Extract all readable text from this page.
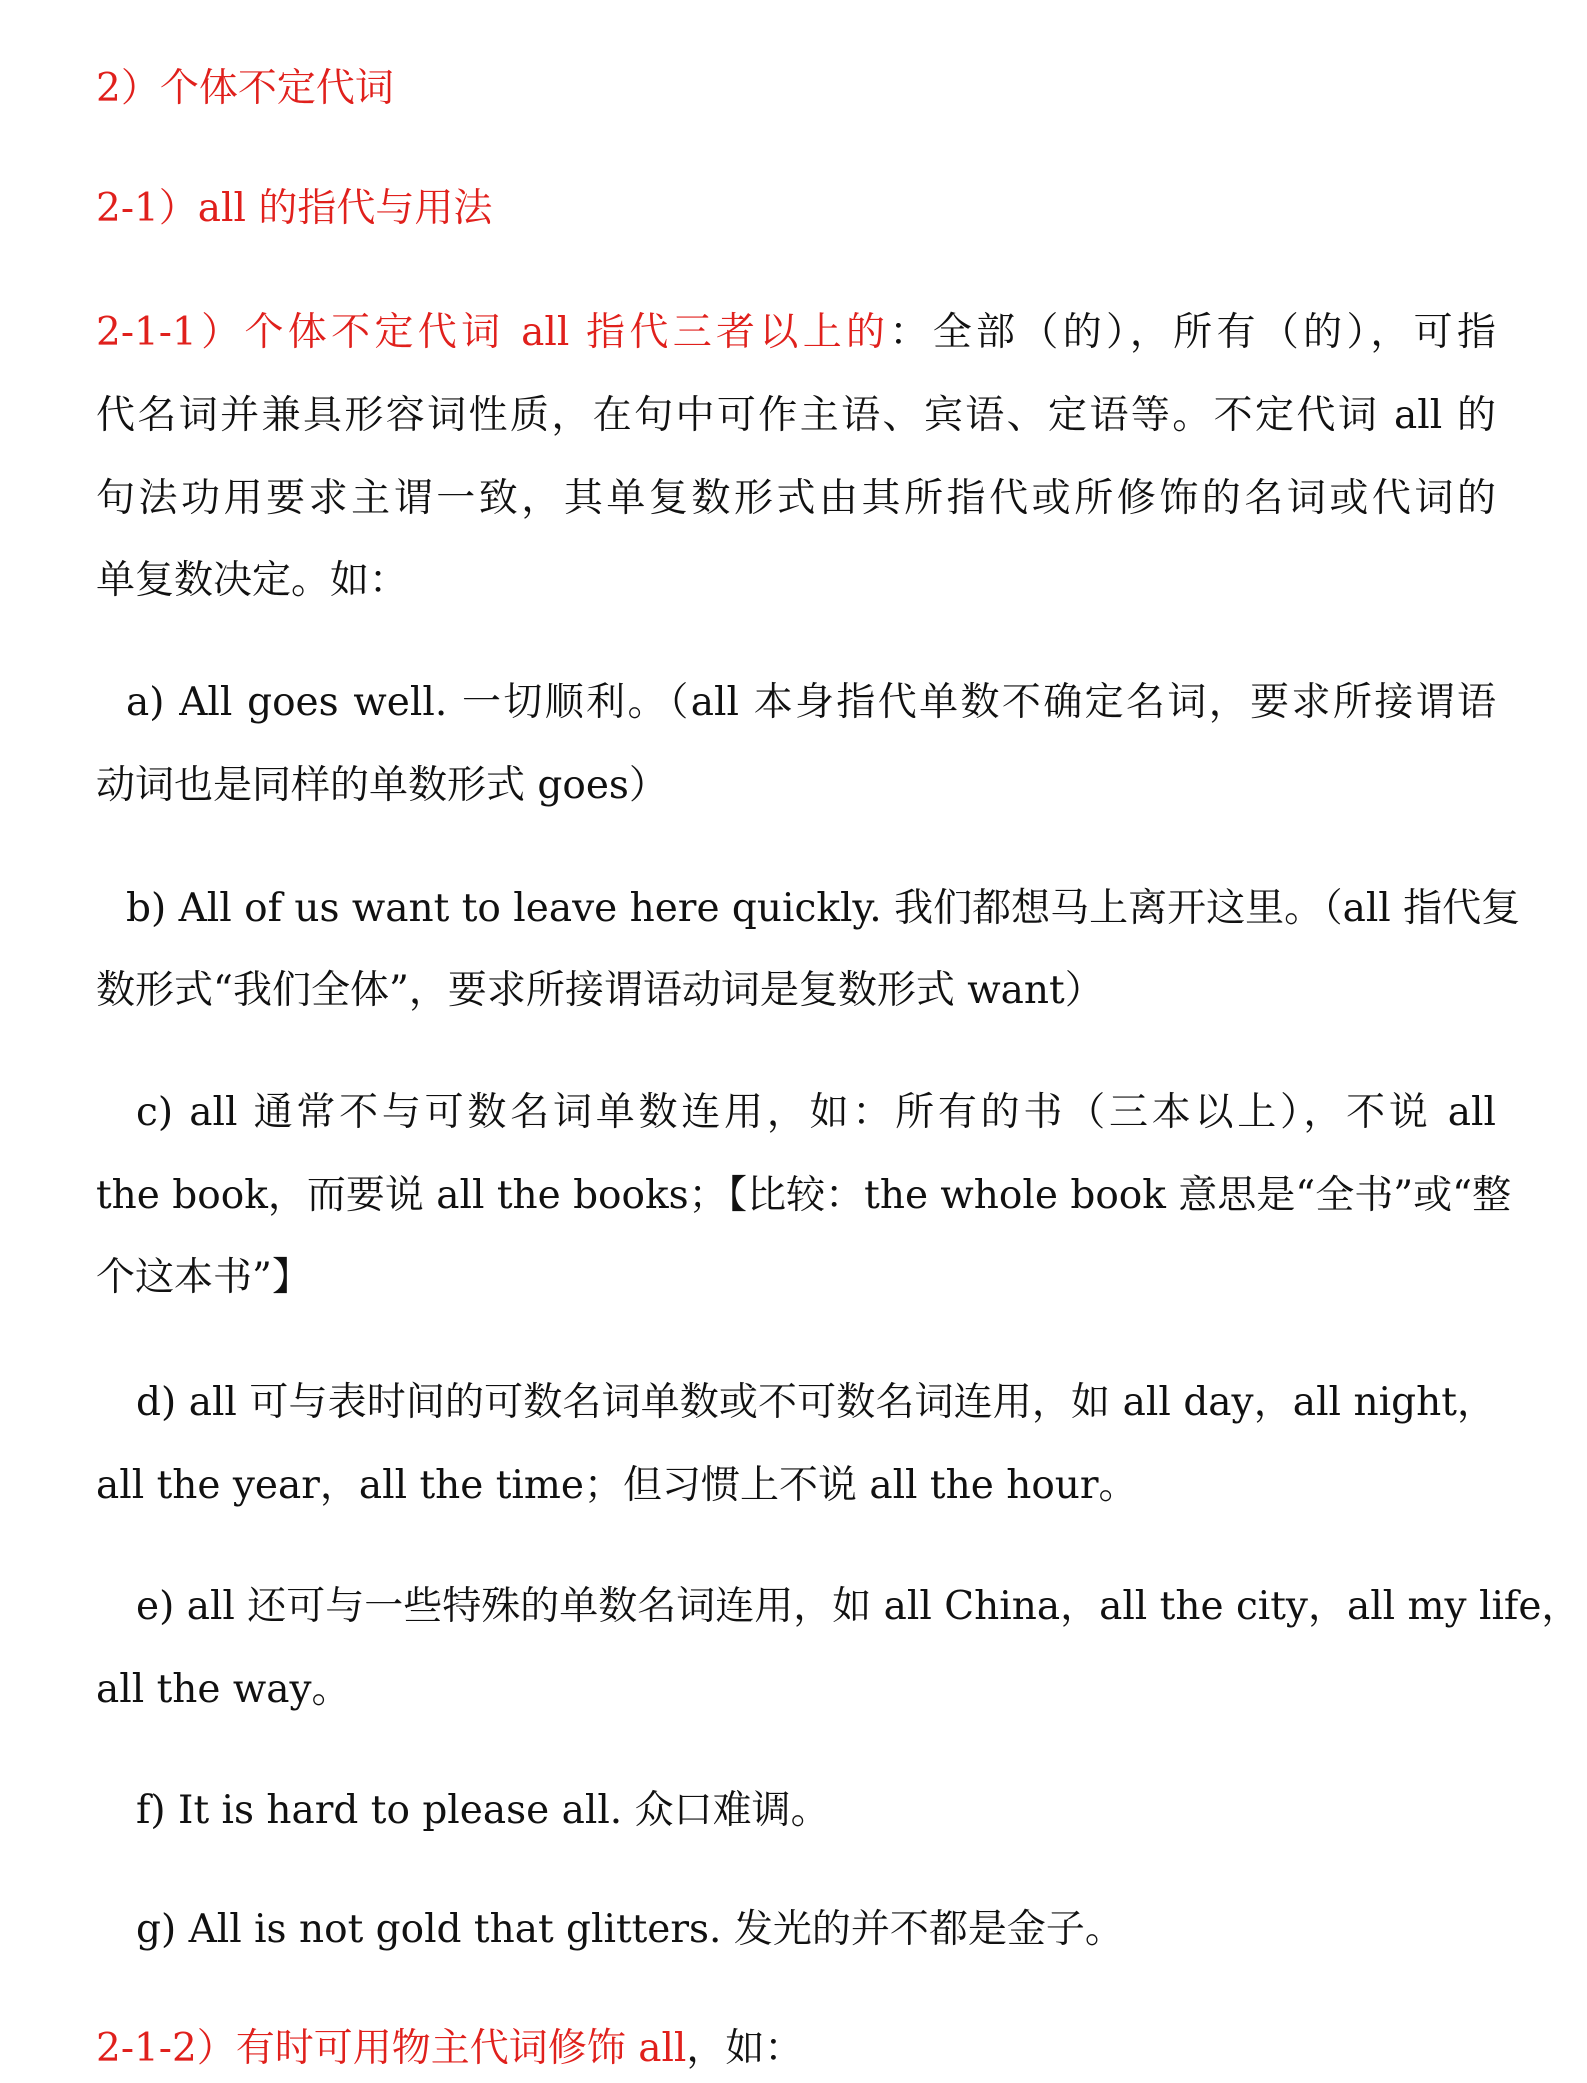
2）个体不定代词
2-1）all 的指代与用法
2-1-1）个体不定代词 all 指代三者以上的：全部（的），所有（的），可指
代名词并兼具形容词性质，在句中可作主语、宾语、定语等。不定代词 all 的
句法功用要求主谓一致，其单复数形式由其所指代或所修饰的名词或代词的
单复数决定。如：
a) All goes well. 一切顺利。（all 本身指代单数不确定名词，要求所接谓语
动词也是同样的单数形式 goes）
b) All of us want to leave here quickly. 我们都想马上离开这里。（all 指代复
数形式“我们全体”，要求所接谓语动词是复数形式 want）
c) all 通常不与可数名词单数连用，如：所有的书（三本以上），不说 all
the book，而要说 all the books；【比较：the whole book 意思是“全书”或“整
个这本书”】
d) all 可与表时间的可数名词单数或不可数名词连用，如 all day，all night，
all the year，all the time；但习惯上不说 all the hour。
e) all 还可与一些特殊的单数名词连用，如 all China，all the city，all my life，
all the way。
f) It is hard to please all. 众口难调。
g) All is not gold that glitters. 发光的并不都是金子。
2-1-2）有时可用物主代词修饰 all，如：
